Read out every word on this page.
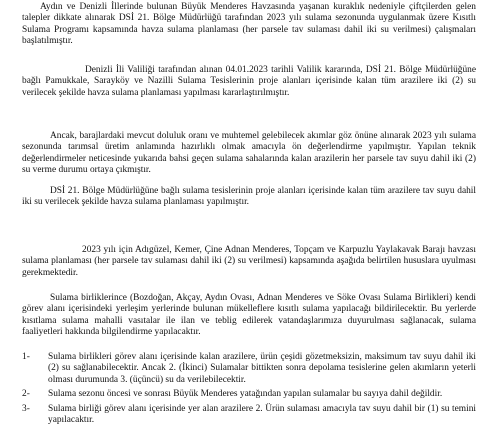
Aydın ve Denizli İllerinde bulunan Büyük Menderes Havzasında yaşanan kuraklık nedeniyle çiftçilerden gelen talepler dikkate alınarak DSİ 21. Bölge Müdürlüğü tarafından 2023 yılı sulama sezonunda uygulanmak üzere Kısıtlı Sulama Programı kapsamında havza sulama planlaması (her parsele tav sulaması dahil iki su verilmesi) çalışmaları başlatılmıştır.

Denizli İli Valiliği tarafından alınan 04.01.2023 tarihli Valilik kararında, DSİ 21. Bölge Müdürlüğüne bağlı Pamukkale, Sarayköy ve Nazilli Sulama Tesislerinin proje alanları içerisinde kalan tüm arazilere iki (2) su verilecek şekilde havza sulama planlaması yapılması kararlaştırılmıştır.

Ancak, barajlardaki mevcut doluluk oranı ve muhtemel gelebilecek akımlar göz önüne alınarak 2023 yılı sulama sezonunda tarımsal üretim anlamında hazırlıklı olmak amacıyla ön değerlendirme yapılmıştır. Yapılan teknik değerlendirmeler neticesinde yukarıda bahsi geçen sulama sahalarında kalan arazilerin her parsele tav suyu dahil iki (2) su verme durumu ortaya çıkmıştır.

DSİ 21. Bölge Müdürlüğüne bağlı sulama tesislerinin proje alanları içerisinde kalan tüm arazilere tav suyu dahil iki su verilecek şekilde havza sulama planlaması yapılmıştır.

2023 yılı için Adıgüzel, Kemer, Çine Adnan Menderes, Topçam ve Karpuzlu Yaylakavak Barajı havzası sulama planlaması (her parsele tav sulaması dahil iki (2) su verilmesi) kapsamında aşağıda belirtilen hususlara uyulması gerekmektedir.

Sulama birliklerince (Bozdoğan, Akçay, Aydın Ovası, Adnan Menderes ve Söke Ovası Sulama Birlikleri) kendi görev alanı içerisindeki yerleşim yerlerinde bulunan mükelleflere kısıtlı sulama yapılacağı bildirilecektir. Bu yerlerde kısıtlama sulama mahalli vasıtalar ile ilan ve teblig edilerek vatandaşlarımıza duyurulması sağlanacak, sulama faaliyetleri hakkında bilgilendirme yapılacaktır.

1- Sulama birlikleri görev alanı içerisinde kalan arazilere, ürün çeşidi gözetmeksizin, maksimum tav suyu dahil iki (2) su sağlanabilecektir. Ancak 2. (İkinci) Sulamalar bittikten sonra depolama tesislerine gelen akımların yeterli olması durumunda 3. (üçüncü) su da verilebilecektir.
2- Sulama sezonu öncesi ve sonrası Büyük Menderes yatağından yapılan sulamalar bu sayıya dahil değildir.
3- Sulama birliği görev alanı içerisinde yer alan arazilere 2. Ürün sulaması amacıyla tav suyu dahil bir (1) su temini yapılacaktır.
